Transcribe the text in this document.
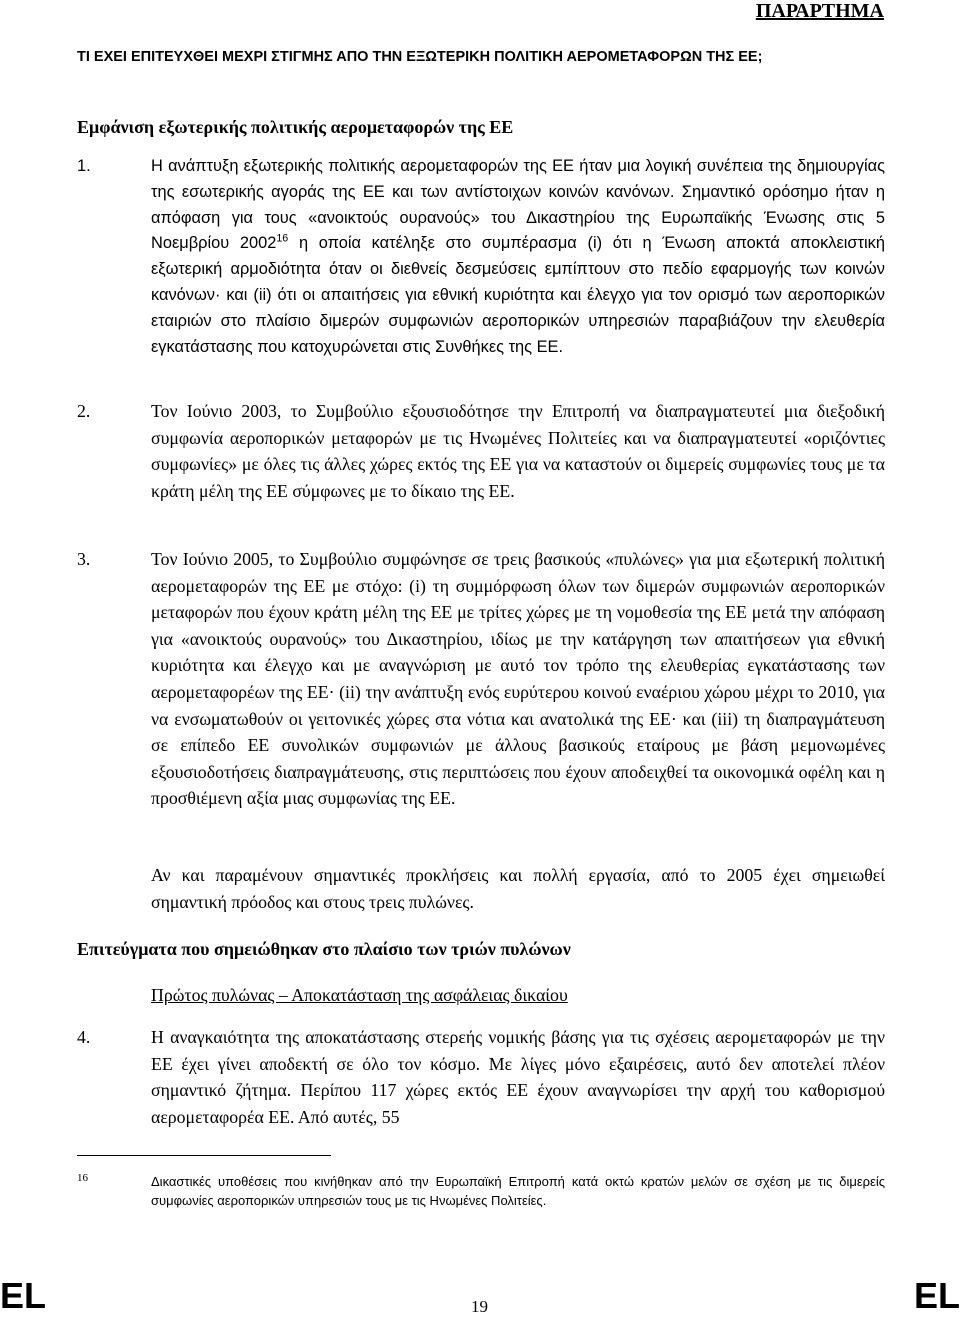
ΠΑΡΑΡΤΗΜΑ
ΤΙ ΕΧΕΙ ΕΠΙΤΕΥΧΘΕΙ ΜΕΧΡΙ ΣΤΙΓΜΗΣ ΑΠΟ ΤΗΝ ΕΞΩΤΕΡΙΚΗ ΠΟΛΙΤΙΚΗ ΑΕΡΟΜΕΤΑΦΟΡΩΝ ΤΗΣ ΕΕ;
Εμφάνιση εξωτερικής πολιτικής αερομεταφορών της ΕΕ
1.	Η ανάπτυξη εξωτερικής πολιτικής αερομεταφορών της ΕΕ ήταν μια λογική συνέπεια της δημιουργίας της εσωτερικής αγοράς της ΕΕ και των αντίστοιχων κοινών κανόνων. Σημαντικό ορόσημο ήταν η απόφαση για τους «ανοικτούς ουρανούς» του Δικαστηρίου της Ευρωπαϊκής Ένωσης στις 5 Νοεμβρίου 2002$^{16}$ η οποία κατέληξε στο συμπέρασμα (i) ότι η Ένωση αποκτά αποκλειστική εξωτερική αρμοδιότητα όταν οι διεθνείς δεσμεύσεις εμπίπτουν στο πεδίο εφαρμογής των κοινών κανόνων· και (ii) ότι οι απαιτήσεις για εθνική κυριότητα και έλεγχο για τον ορισμό των αεροπορικών εταιριών στο πλαίσιο διμερών συμφωνιών αεροπορικών υπηρεσιών παραβιάζουν την ελευθερία εγκατάστασης που κατοχυρώνεται στις Συνθήκες της ΕΕ.
2.	Τον Ιούνιο 2003, το Συμβούλιο εξουσιοδότησε την Επιτροπή να διαπραγματευτεί μια διεξοδική συμφωνία αεροπορικών μεταφορών με τις Ηνωμένες Πολιτείες και να διαπραγματευτεί «οριζόντιες συμφωνίες» με όλες τις άλλες χώρες εκτός της ΕΕ για να καταστούν οι διμερείς συμφωνίες τους με τα κράτη μέλη της ΕΕ σύμφωνες με το δίκαιο της ΕΕ.
3.	Τον Ιούνιο 2005, το Συμβούλιο συμφώνησε σε τρεις βασικούς «πυλώνες» για μια εξωτερική πολιτική αερομεταφορών της ΕΕ με στόχο: (i) τη συμμόρφωση όλων των διμερών συμφωνιών αεροπορικών μεταφορών που έχουν κράτη μέλη της ΕΕ με τρίτες χώρες με τη νομοθεσία της ΕΕ μετά την απόφαση για «ανοικτούς ουρανούς» του Δικαστηρίου, ιδίως με την κατάργηση των απαιτήσεων για εθνική κυριότητα και έλεγχο και με αναγνώριση με αυτό τον τρόπο της ελευθερίας εγκατάστασης των αερομεταφορέων της ΕΕ· (ii) την ανάπτυξη ενός ευρύτερου κοινού εναέριου χώρου μέχρι το 2010, για να ενσωματωθούν οι γειτονικές χώρες στα νότια και ανατολικά της ΕΕ· και (iii) τη διαπραγμάτευση σε επίπεδο ΕΕ συνολικών συμφωνιών με άλλους βασικούς εταίρους με βάση μεμονωμένες εξουσιοδοτήσεις διαπραγμάτευσης, στις περιπτώσεις που έχουν αποδειχθεί τα οικονομικά οφέλη και η προσθιέμενη αξία μιας συμφωνίας της ΕΕ.
Αν και παραμένουν σημαντικές προκλήσεις και πολλή εργασία, από το 2005 έχει σημειωθεί σημαντική πρόοδος και στους τρεις πυλώνες.
Επιτεύγματα που σημειώθηκαν στο πλαίσιο των τριών πυλώνων
Πρώτος πυλώνας – Αποκατάσταση της ασφάλειας δικαίου
4.	Η αναγκαιότητα της αποκατάστασης στερεής νομικής βάσης για τις σχέσεις αερομεταφορών με την ΕΕ έχει γίνει αποδεκτή σε όλο τον κόσμο. Με λίγες μόνο εξαιρέσεις, αυτό δεν αποτελεί πλέον σημαντικό ζήτημα. Περίπου 117 χώρες εκτός ΕΕ έχουν αναγνωρίσει την αρχή του καθορισμού αερομεταφορέα ΕΕ. Από αυτές, 55
16	Δικαστικές υποθέσεις που κινήθηκαν από την Ευρωπαϊκή Επιτροπή κατά οκτώ κρατών μελών σε σχέση με τις διμερείς συμφωνίες αεροπορικών υπηρεσιών τους με τις Ηνωμένες Πολιτείες.
EL	19	EL
